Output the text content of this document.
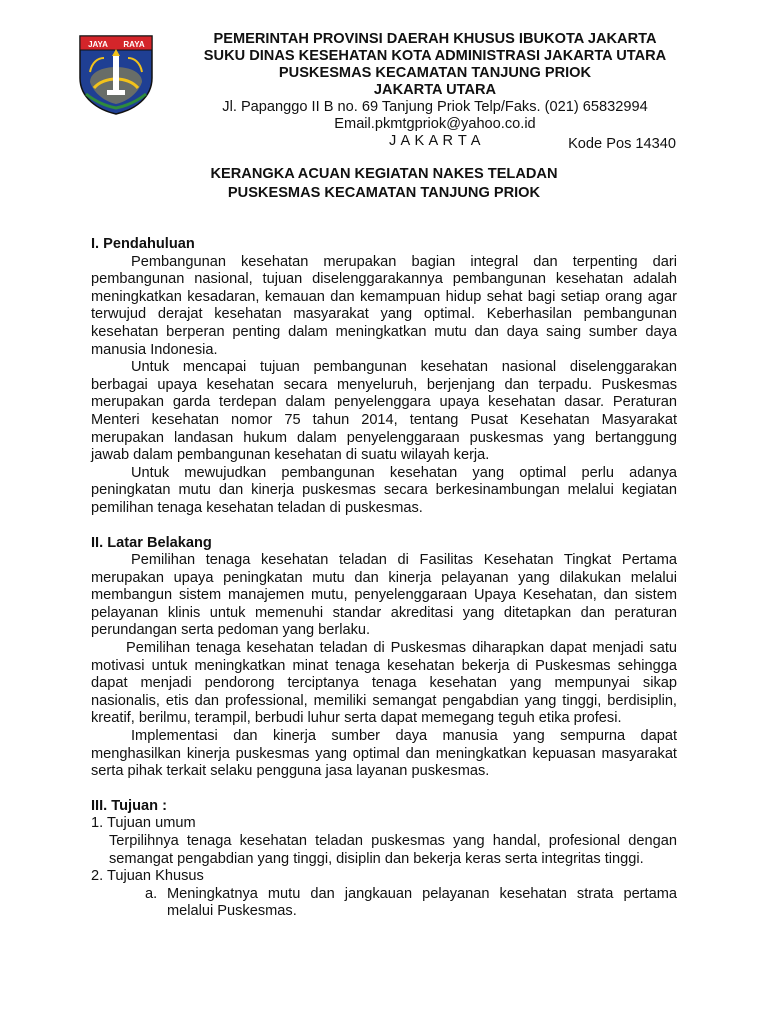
JAYA RAYA	PEMERINTAH PROVINSI DAERAH KHUSUS IBUKOTA JAKARTA
SUKU DINAS KESEHATAN KOTA ADMINISTRASI JAKARTA UTARA
PUSKESMAS KECAMATAN TANJUNG PRIOK
JAKARTA UTARA
Jl. Papanggo II B no. 69 Tanjung Priok Telp/Faks. (021) 65832994
Email.pkmtgpriok@yahoo.co.id
J A K A R T A	Kode Pos 14340
KERANGKA ACUAN KEGIATAN NAKES TELADAN
PUSKESMAS KECAMATAN TANJUNG PRIOK

I. Pendahuluan

Pembangunan kesehatan merupakan bagian integral dan terpenting dari pembangunan nasional, tujuan diselenggarakannya pembangunan kesehatan adalah meningkatkan kesadaran, kemauan dan kemampuan hidup sehat bagi setiap orang agar terwujud derajat kesehatan masyarakat yang optimal. Keberhasilan pembangunan kesehatan berperan penting dalam meningkatkan mutu dan daya saing sumber daya manusia Indonesia.

Untuk mencapai tujuan pembangunan kesehatan nasional diselenggarakan berbagai upaya kesehatan secara menyeluruh, berjenjang dan terpadu. Puskesmas merupakan garda terdepan dalam penyelenggara upaya kesehatan dasar. Peraturan Menteri kesehatan nomor 75 tahun 2014, tentang Pusat Kesehatan Masyarakat merupakan landasan hukum dalam penyelenggaraan puskesmas yang bertanggung jawab dalam pembangunan kesehatan di suatu wilayah kerja.

Untuk mewujudkan pembangunan kesehatan yang optimal perlu adanya peningkatan mutu dan kinerja puskesmas secara berkesinambungan melalui kegiatan pemilihan tenaga kesehatan teladan di puskesmas.

II. Latar Belakang

Pemilihan tenaga kesehatan teladan di Fasilitas Kesehatan Tingkat Pertama merupakan upaya peningkatan mutu dan kinerja pelayanan yang dilakukan melalui membangun sistem manajemen mutu, penyelenggaraan Upaya Kesehatan, dan sistem pelayanan klinis untuk memenuhi standar akreditasi yang ditetapkan dan peraturan perundangan serta pedoman yang berlaku.

Pemilihan tenaga kesehatan teladan di Puskesmas diharapkan dapat menjadi satu motivasi untuk meningkatkan minat tenaga kesehatan bekerja di Puskesmas sehingga dapat menjadi pendorong terciptanya tenaga kesehatan yang mempunyai sikap nasionalis, etis dan professional, memiliki semangat pengabdian yang tinggi, berdisiplin, kreatif, berilmu, terampil, berbudi luhur serta dapat memegang teguh etika profesi.

Implementasi dan kinerja sumber daya manusia yang sempurna dapat menghasilkan kinerja puskesmas yang optimal dan meningkatkan kepuasan masyarakat serta pihak terkait selaku pengguna jasa layanan puskesmas.

III. Tujuan :

1. Tujuan umum

Terpilihnya tenaga kesehatan teladan puskesmas yang handal, profesional dengan semangat pengabdian yang tinggi, disiplin dan bekerja keras serta integritas tinggi.

2. Tujuan Khusus

a. Meningkatnya mutu dan jangkauan pelayanan kesehatan strata pertama melalui Puskesmas.
